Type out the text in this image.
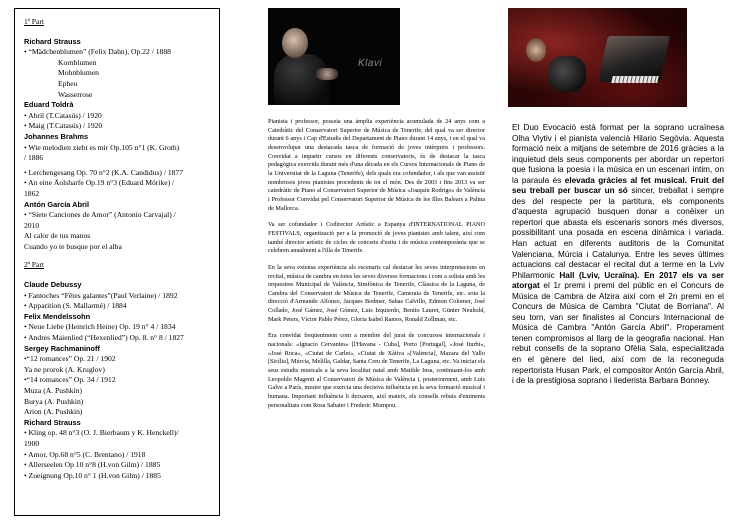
1ª Part
Richard Strauss
• “Mädchenblumen” (Felix Dahn), Op.22 / 1888
Kornblumen
Mohnblumen
Epheu
Wasserrose
Eduard Toldrà
• Abril (T.Catasús) / 1920
• Maig (T.Catasús) / 1920
Johannes Brahms
• Wie melodien zieht es mir Op.105 n°1 (K. Groth)
/ 1886
• Lerchengesang Op. 70 n°2 (K.A. Candidus) / 1877
• An eine Äolsharfe Op.19 n°3 (Eduard Mörike) /
1862
Antón García Abril
• “Siete Canciones de Amor” (Antonio Carvajal) /
2010
Al calor de tus manos
Cuando yo te busque por el alba
2ª Part
Claude Debussy
• Fantoches “Fêtes galantes”(Paul Verlaine) / 1892
• Apparition (S. Mallarmé) / 1884
Felix Mendelssohn
• Neue Liebe (Heinrich Heine) Op. 19 n° 4 / 1834
• Andres Maienlied (“Hexenlied”) Op. 8. n° 8 / 1827
Sergey Rachmaninoff
•“12 romances” Op. 21 / 1902
Ya ne prorok (A. Kruglov)
•“14 romances” Op. 34 / 1912
Muza (A. Pushkin)
Burya (A. Pushkin)
Arion (A. Pushkin)
Richard Strauss
• Kling op. 48 n°3 (O. J. Bierbaum y K. Henckell)/
1900
• Amor, Op.68 n°5 (C. Brentano) / 1918
• Allerseelen Op 10 n°8 (H.von Gilm) / 1885
• Zueignung Op.10 n° 1 (H.von Gilm) / 1885
Klavi

Pianista i professor, posseia una àmplia experiència acumulada de 24 anys com a Catedràtic del Conservatori Superior de Música de Tenerife, del qual va ser director durant 6 anys i Cap d'Estudis del Departament de Piano durant 14 anys, i en el qual va desenvolupar una destacada tasca de formació de joves intèrprets i professors. Convidat a impartir cursos en diferents conservatoris, és de destacar la tasca pedagògica exercida durant més d'una dècada en els Cursos Internacionals de Piano de la Universitat de la Laguna (Tenerife), dels quals era cofundador, i als que van assistir nombrosos joves pianistes procedents de tot el món. Des de 2003 i fins 2013 va ser catedràtic de Piano al Conservatori Superior de Música «Joaquín Rodrigo» de València i Professor Convidat pel Conservatori Superior de Música de les Illes Balears a Palma de Mallorca.

Va ser cofundador i Codirector Artístic a Espanya d'INTERNATIONAL PIANO FESTIVALS, organització per a la promoció de joves pianistes amb talent, així com també director artístic de cicles de concerts d'estiu i de música contemporània que se celebren anualment a l'illa de Tenerife.

En la seva extensa experiència als escenaris cal destacar les seves interpretacions en recital, música de cambra en totes les seves diverses formacions i com a solista amb les orquestres Municipal de València, Simfònica de Tenerife, Clàssica de la Laguna, de Cambra del Conservatori de Música de Tenerife, Camerata de Tenerife, etc. sota la direcció d'Armando Alfonso, Jacques Bodmer, Sabas Calvillo, Edmon Colomer, José Collado, José Gámez, José Gómez, Luis Izquierdo, Benito Lauret, Günter Neuhold, Mark Peters, Víctor Pablo Pérez, Gloria Isabel Ramos, Ronald Zollman, etc.

Era convidat freqüentment com a membre del jurat de concursos internacionals i nacionals: «Ignacio Cervantes» [l'Havana - Cuba], Porto [Portugal], «José Iturbi», «José Roca», «Ciutat de Carlet», «Ciutat de Xàtiva »[València], Mazara del Vallo [Sicília], Múrcia, Melilla, Galdar, Santa Creu de Tenerife, La Laguna, etc. Va iniciar els seus estudis musicals a la seva localitat natal amb Matilde Insa, continuant-los amb Leopoldo Magenti al Conservatori de Música de València i, posteriorment, amb Luis Galve a París, mestre que exercia una decisiva influència en la seva formació musical i humana. Important influència li deixaren, així mateix, els consells rebuts d'eminents personalitats com Rosa Sabater i Frederic Mompou.

El Duo Evocació està format per la soprano ucraïnesa Olha Viytiv i el pianista valencià Hilario Segòvia. Aquesta formació neix a mitjans de setembre de 2016 gràcies a la inquietud dels seus components per abordar un repertori que fusiona la poesia i la música en un escenari íntim, on la paraula és elevada gràcies al fet musical. Fruit del seu treball per buscar un só sincer, treballat i sempre des del respecte per la partitura, els components d'aquesta agrupació busquen donar a conèixer un repertori que abasta els escenaris sonors més diversos, possibilitant una posada en escena dinàmica i variada. Han actuat en diferents auditoris de la Comunitat Valenciana, Múrcia i Catalunya. Entre les seves últimes actuacions cal destacar el recital dut a terme en la Lviv Philarmonic Hall (Lviv, Ucraïna). En 2017 els va ser atorgat el 1r premi i premi del públic en el Concurs de Música de Cambra de Alzira així com el 2n premi en el Concurs de Música de Cambra "Ciutat de Borriana". Al seu torn, van ser finalistes al Concurs Internacional de Música de Cambra "Antón García Abril". Properament tenen compromisos al llarg de la geografia nacional. Han rebut consells de la soprano Ofèlia Sala, especialitzada en el gènere del lied, així com de la reconeguda repertorista Husan Park, el compositor Antón García Abril, i de la prestigiosa soprano i liederista Barbara Bonney.
